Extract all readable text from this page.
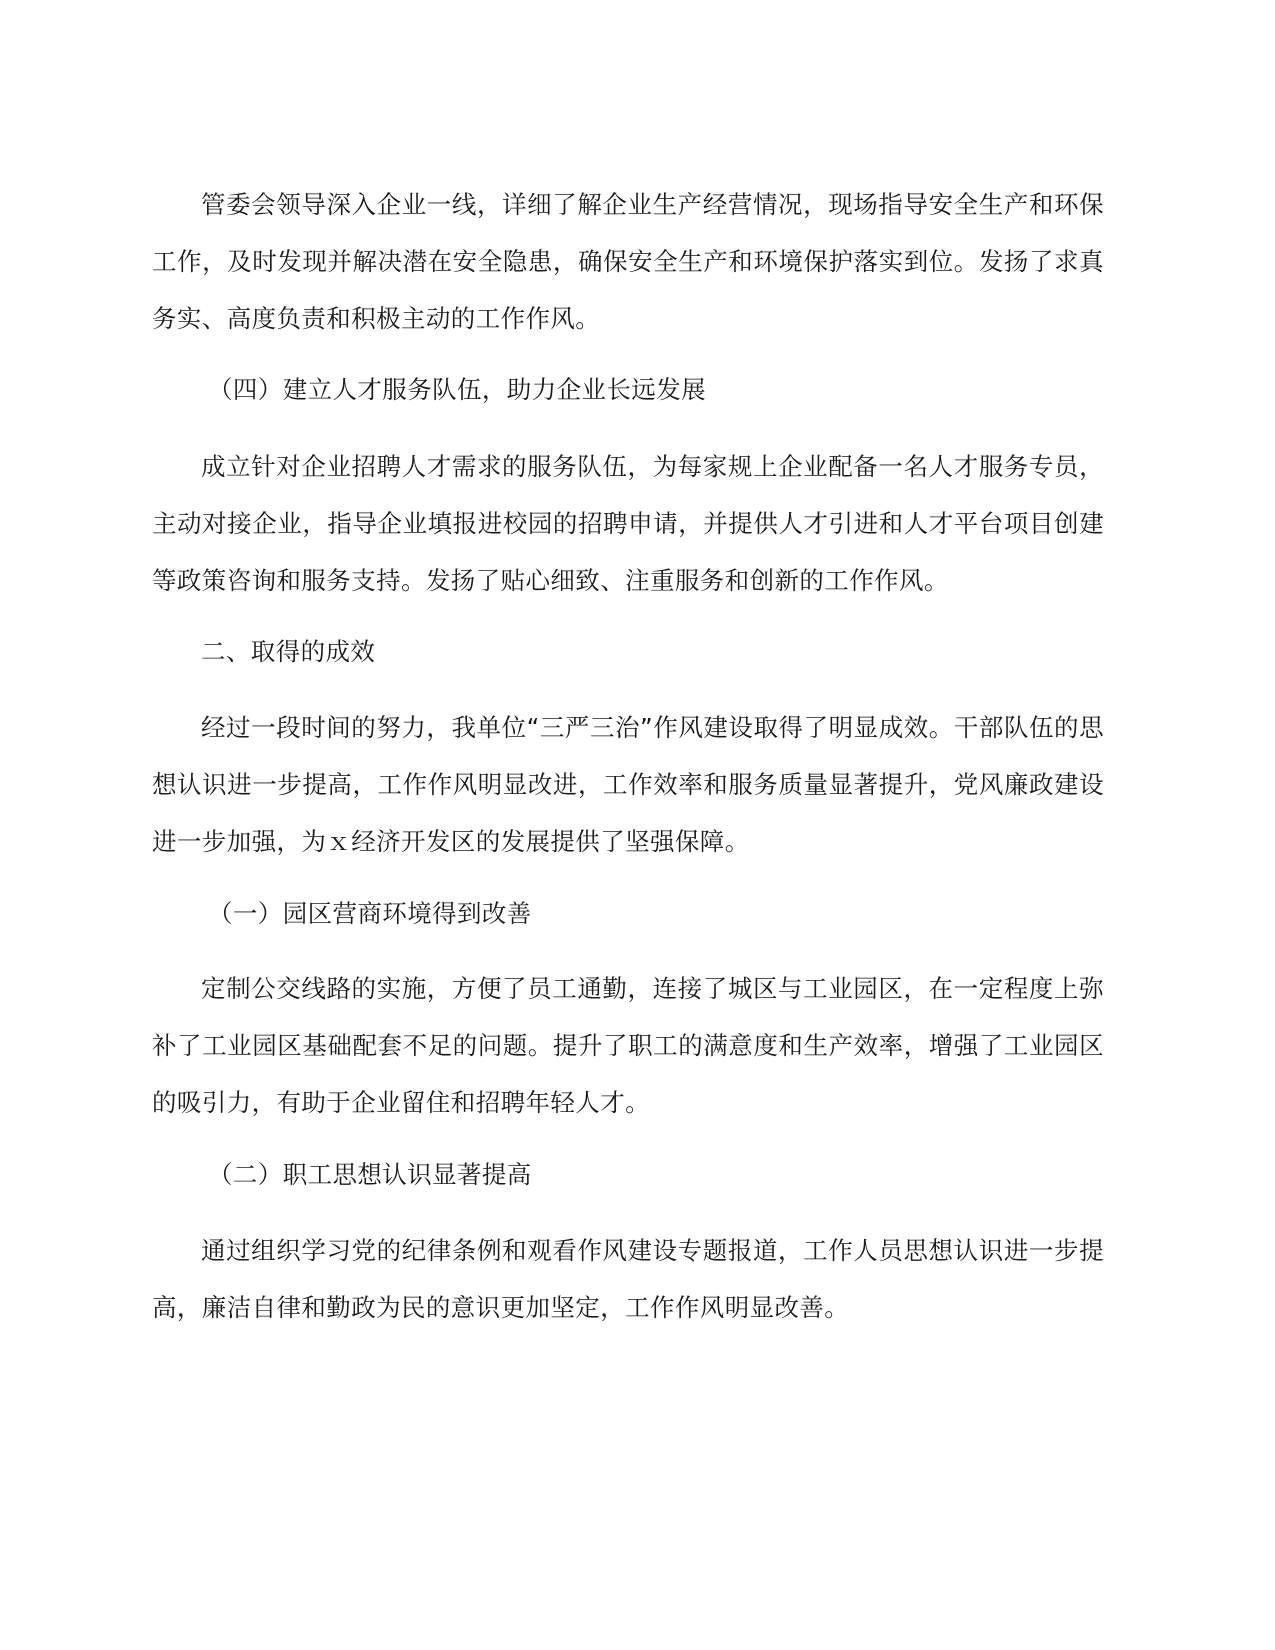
管委会领导深入企业一线，详细了解企业生产经营情况，现场指导安全生产和环保工作，及时发现并解决潜在安全隐患，确保安全生产和环境保护落实到位。发扬了求真务实、高度负责和积极主动的工作作风。

（四）建立人才服务队伍，助力企业长远发展

成立针对企业招聘人才需求的服务队伍，为每家规上企业配备一名人才服务专员，主动对接企业，指导企业填报进校园的招聘申请，并提供人才引进和人才平台项目创建等政策咨询和服务支持。发扬了贴心细致、注重服务和创新的工作作风。

二、取得的成效

经过一段时间的努力，我单位“三严三治”作风建设取得了明显成效。干部队伍的思想认识进一步提高，工作作风明显改进，工作效率和服务质量显著提升，党风廉政建设进一步加强，为ｘ经济开发区的发展提供了坚强保障。

（一）园区营商环境得到改善

定制公交线路的实施，方便了员工通勤，连接了城区与工业园区，在一定程度上弥补了工业园区基础配套不足的问题。提升了职工的满意度和生产效率，增强了工业园区的吸引力，有助于企业留住和招聘年轻人才。

（二）职工思想认识显著提高

通过组织学习党的纪律条例和观看作风建设专题报道，工作人员思想认识进一步提高，廉洁自律和勤政为民的意识更加坚定，工作作风明显改善。
